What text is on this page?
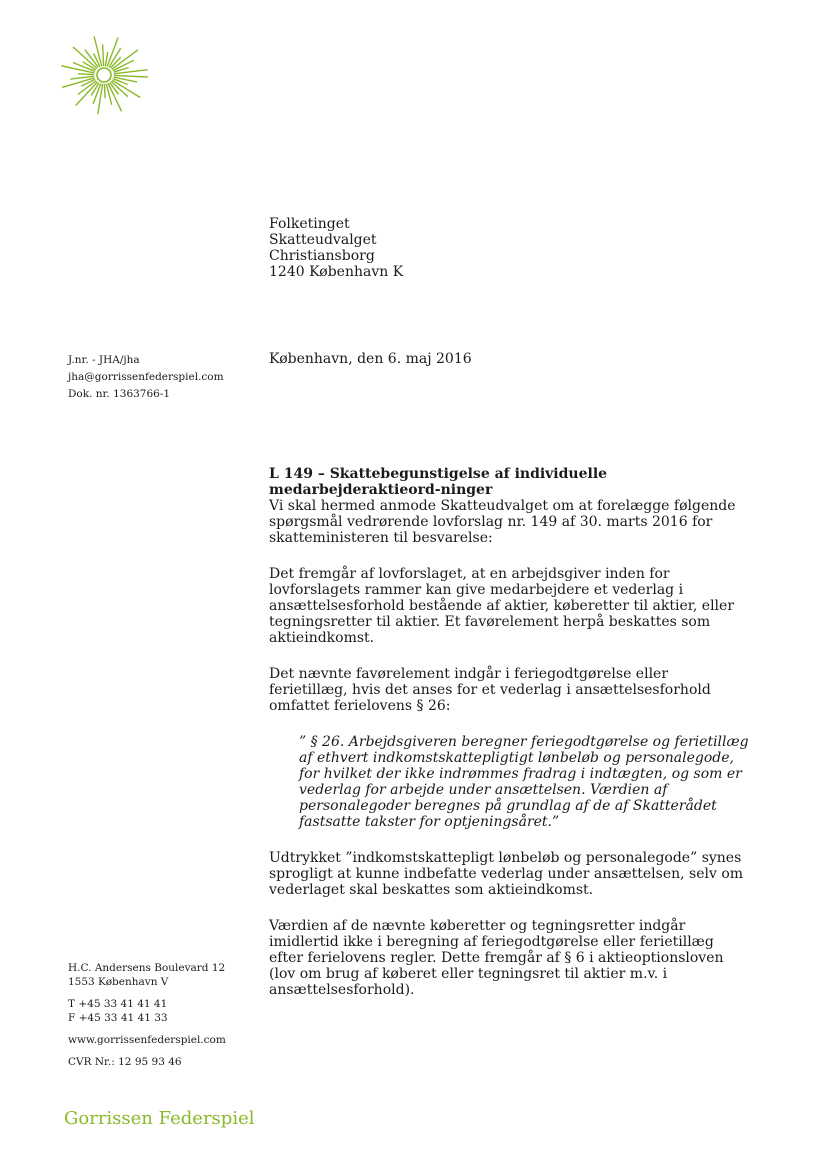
Folketinget
Skatteudvalget
Christiansborg
1240 København K
J.nr. - JHA/jha
jha@gorrissenfederspiel.com
Dok. nr. 1363766-1
København, den 6. maj 2016

L 149 – Skattebegunstigelse af individuelle medarbejderaktieord-ninger

Vi skal hermed anmode Skatteudvalget om at forelægge følgende spørgsmål vedrørende lovforslag nr. 149 af 30. marts 2016 for skatteministeren til besvarelse:

Det fremgår af lovforslaget, at en arbejdsgiver inden for lovforslagets rammer kan give medarbejdere et vederlag i ansættelsesforhold bestående af aktier, køberetter til aktier, eller tegningsretter til aktier. Et favørelement herpå beskattes som aktieindkomst.

Det nævnte favørelement indgår i feriegodtgørelse eller ferietillæg, hvis det anses for et vederlag i ansættelsesforhold omfattet ferielovens § 26:

” § 26. Arbejdsgiveren beregner feriegodtgørelse og ferietillæg af ethvert indkomstskattepligtigt lønbeløb og personalegode, for hvilket der ikke indrømmes fradrag i indtægten, og som er vederlag for arbejde under ansættelsen. Værdien af personalegoder beregnes på grundlag af de af Skatterådet fastsatte takster for optjeningsåret.”

Udtrykket ”indkomstskattepligt lønbeløb og personalegode” synes sprogligt at kunne indbefatte vederlag under ansættelsen, selv om vederlaget skal beskattes som aktieindkomst.

Værdien af de nævnte køberetter og tegningsretter indgår imidlertid ikke i beregning af feriegodtgørelse eller ferietillæg efter ferielovens regler. Dette fremgår af § 6 i aktieoptionsloven (lov om brug af køberet eller tegningsret til aktier m.v. i ansættelsesforhold).

H.C. Andersens Boulevard 12
1553 København V
T +45 33 41 41 41
F +45 33 41 41 33
www.gorrissenfederspiel.com
CVR Nr.: 12 95 93 46
Gorrissen Federspiel
